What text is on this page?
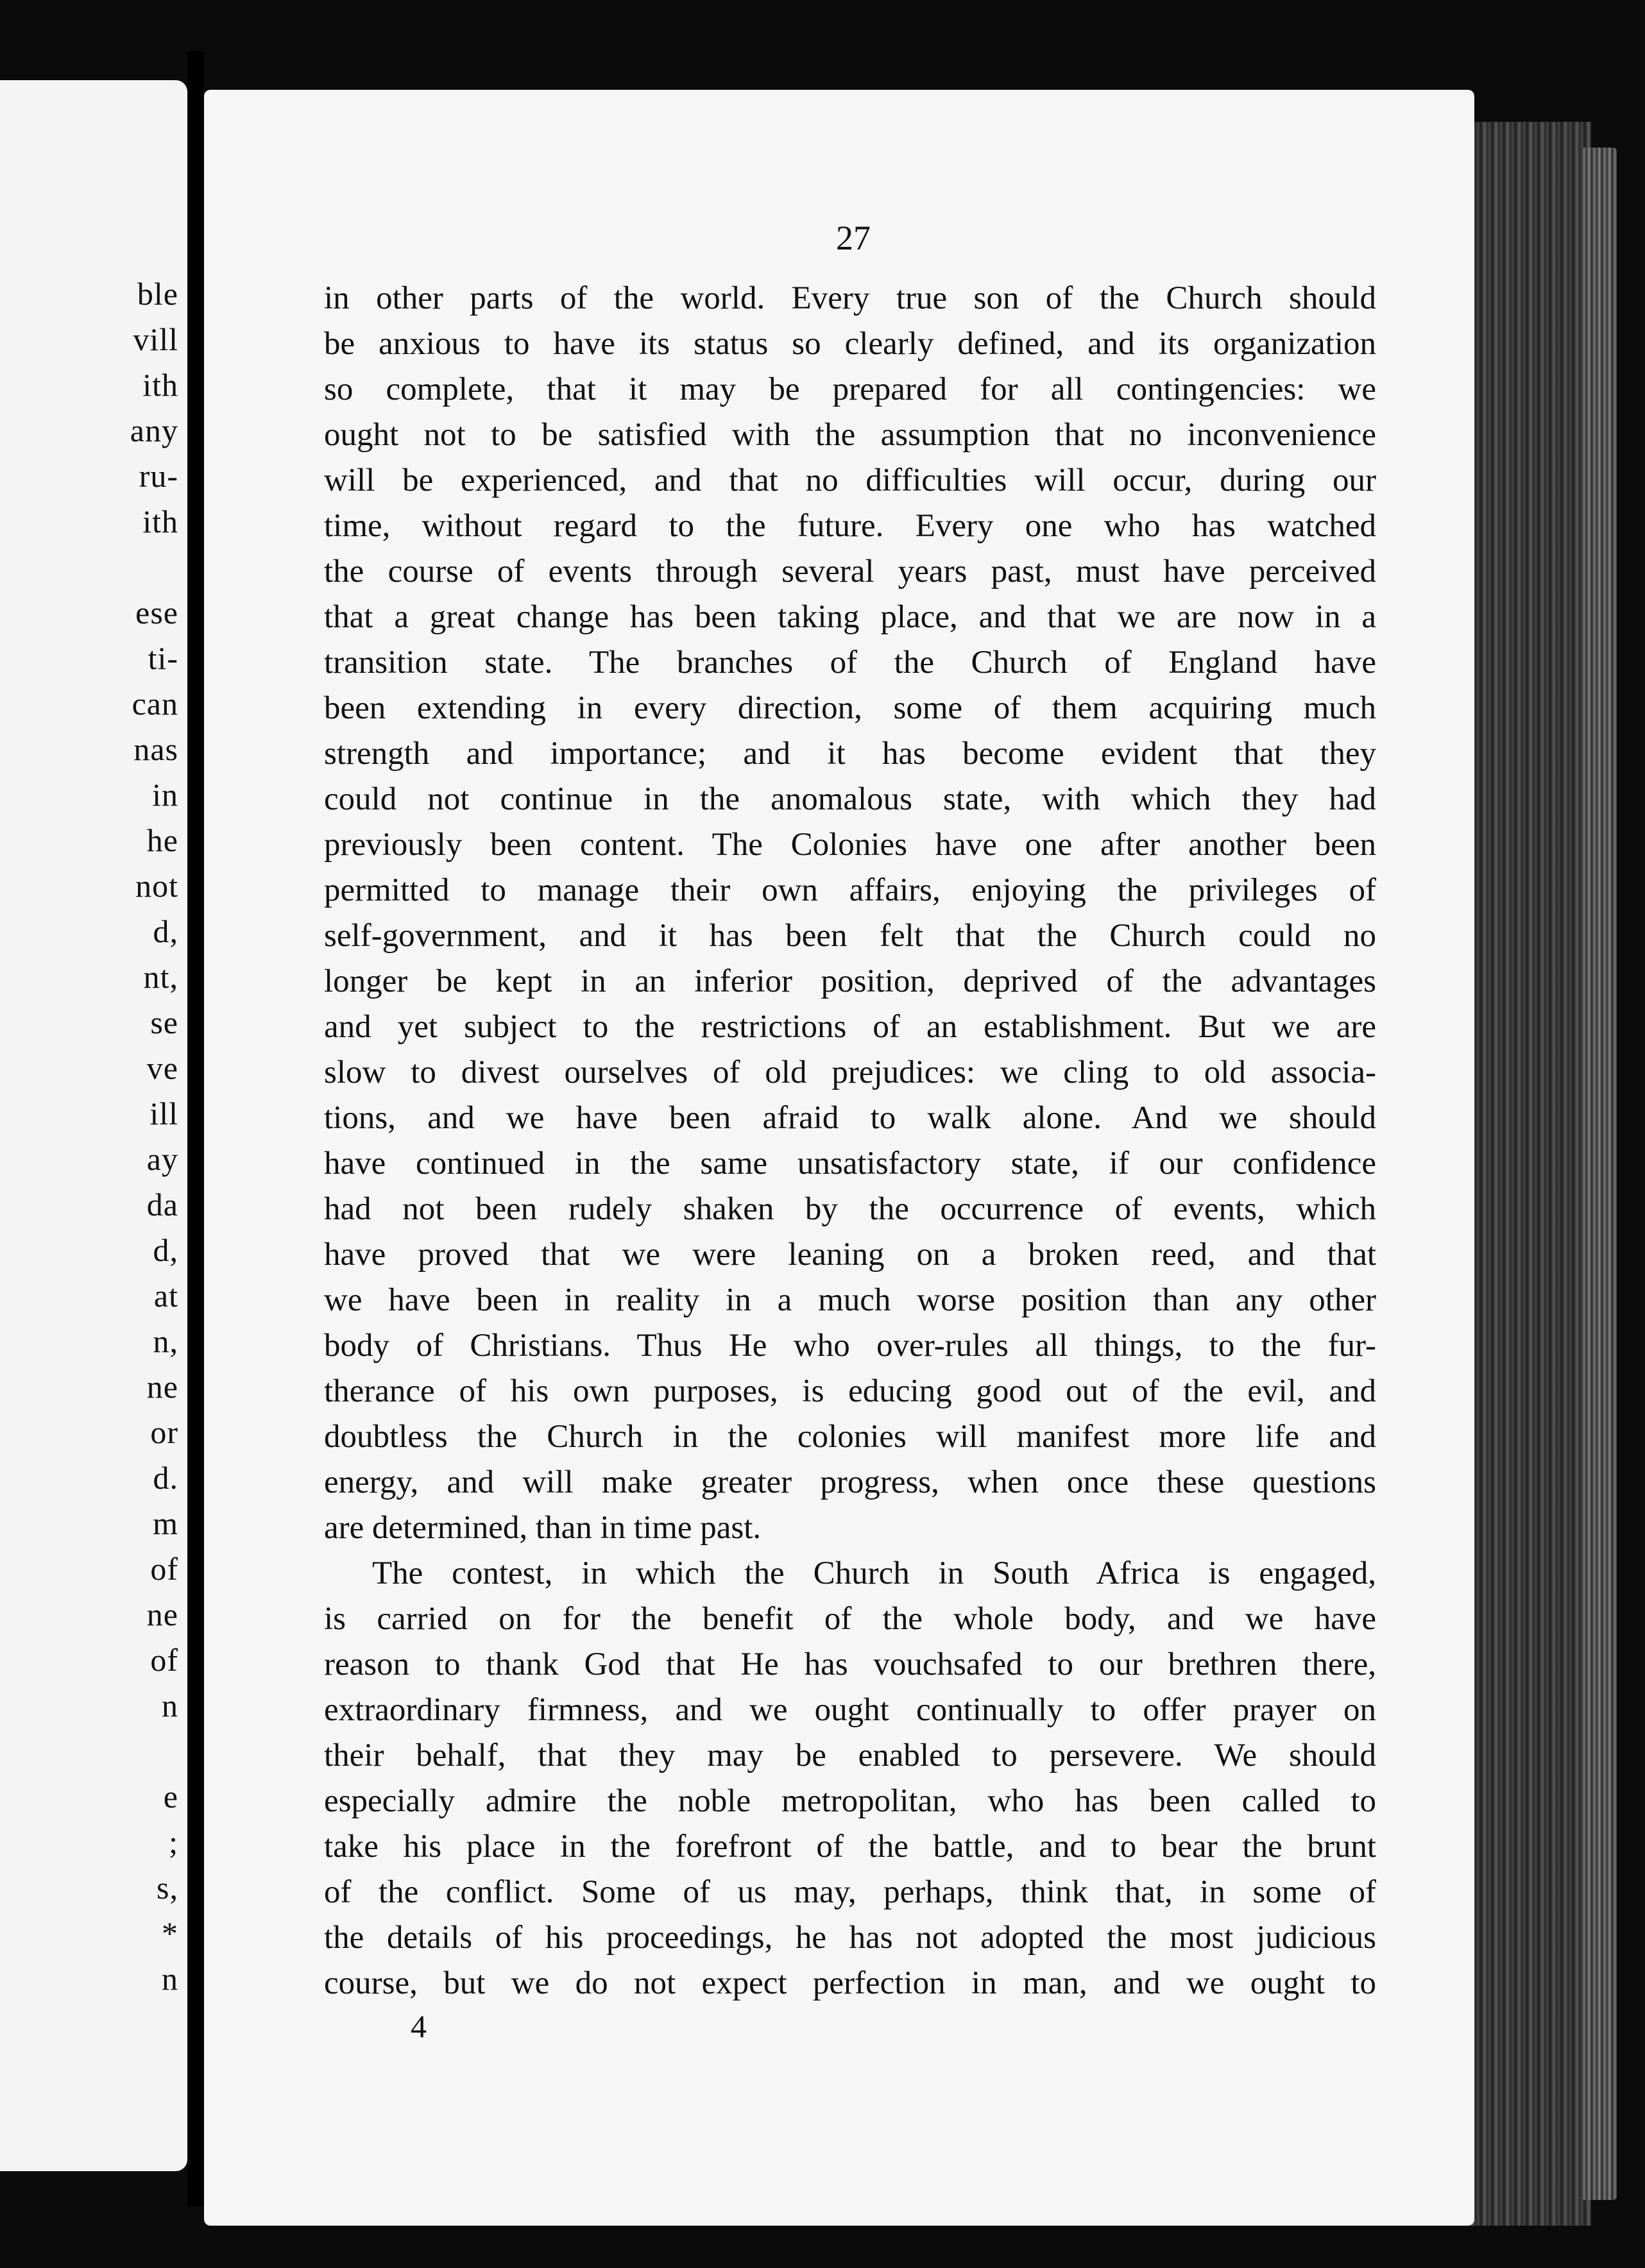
ble
vill
ith
any
ru-
ith
ese
ti-
can
nas
in
he
not
d,
nt,
se
ve
ill
ay
da
d,
at
n,
ne
or
d.
m
of
ne
of
n
e
;
s,
*
n
27
in other parts of the world. Every true son of the Church should
be anxious to have its status so clearly defined, and its organization
so complete, that it may be prepared for all contingencies: we
ought not to be satisfied with the assumption that no inconvenience
will be experienced, and that no difficulties will occur, during our
time, without regard to the future. Every one who has watched
the course of events through several years past, must have perceived
that a great change has been taking place, and that we are now in a
transition state. The branches of the Church of England have
been extending in every direction, some of them acquiring much
strength and importance; and it has become evident that they
could not continue in the anomalous state, with which they had
previously been content. The Colonies have one after another been
permitted to manage their own affairs, enjoying the privileges of
self-government, and it has been felt that the Church could no
longer be kept in an inferior position, deprived of the advantages
and yet subject to the restrictions of an establishment. But we are
slow to divest ourselves of old prejudices: we cling to old associa-
tions, and we have been afraid to walk alone. And we should
have continued in the same unsatisfactory state, if our confidence
had not been rudely shaken by the occurrence of events, which
have proved that we were leaning on a broken reed, and that
we have been in reality in a much worse position than any other
body of Christians. Thus He who over-rules all things, to the fur-
therance of his own purposes, is educing good out of the evil, and
doubtless the Church in the colonies will manifest more life and
energy, and will make greater progress, when once these questions
are determined, than in time past.
The contest, in which the Church in South Africa is engaged,
is carried on for the benefit of the whole body, and we have
reason to thank God that He has vouchsafed to our brethren there,
extraordinary firmness, and we ought continually to offer prayer on
their behalf, that they may be enabled to persevere. We should
especially admire the noble metropolitan, who has been called to
take his place in the forefront of the battle, and to bear the brunt
of the conflict. Some of us may, perhaps, think that, in some of
the details of his proceedings, he has not adopted the most judicious
course, but we do not expect perfection in man, and we ought to
4
